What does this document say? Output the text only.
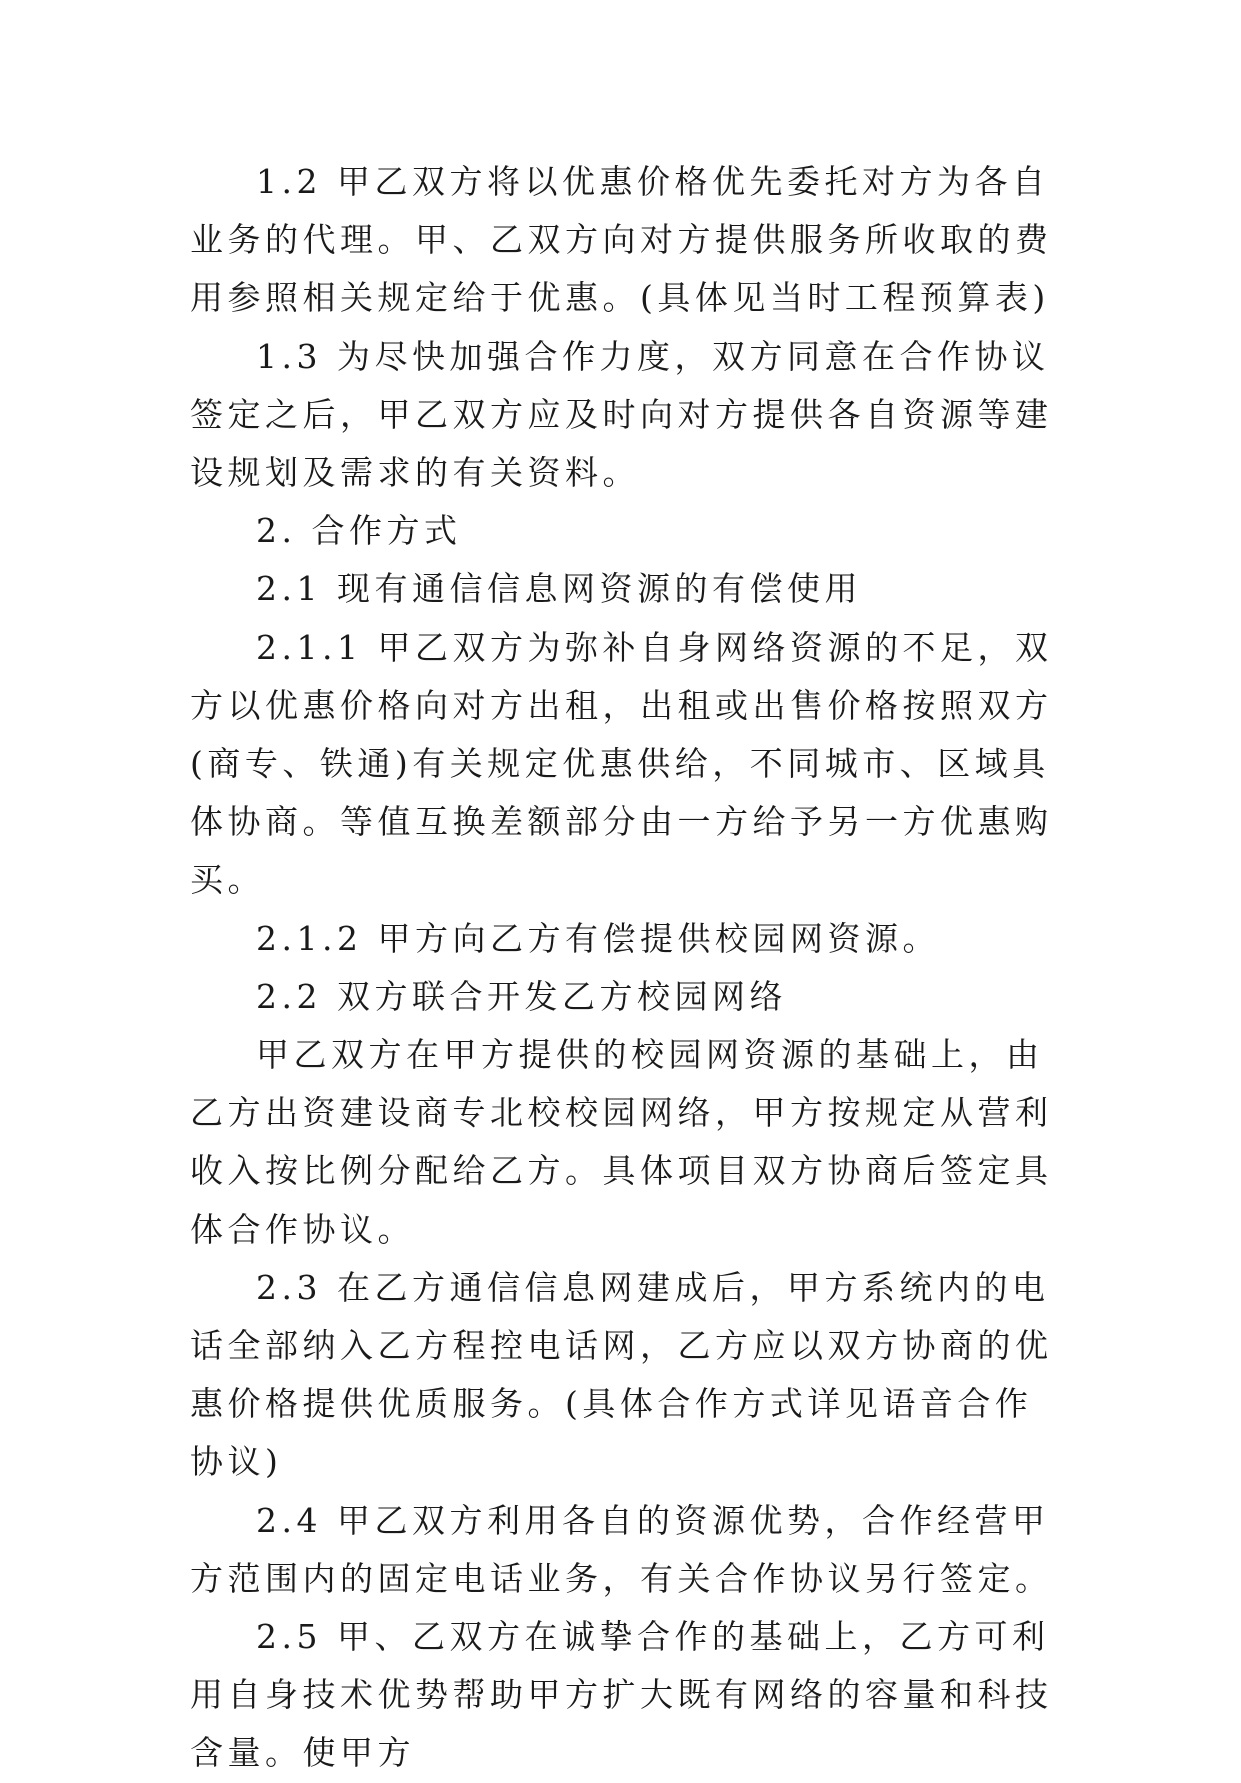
1.2 甲乙双方将以优惠价格优先委托对方为各自业务的代理。甲、乙双方向对方提供服务所收取的费用参照相关规定给于优惠。(具体见当时工程预算表)

1.3 为尽快加强合作力度，双方同意在合作协议签定之后，甲乙双方应及时向对方提供各自资源等建设规划及需求的有关资料。

2. 合作方式

2.1 现有通信信息网资源的有偿使用

2.1.1 甲乙双方为弥补自身网络资源的不足，双方以优惠价格向对方出租，出租或出售价格按照双方(商专、铁通)有关规定优惠供给，不同城市、区域具体协商。等值互换差额部分由一方给予另一方优惠购买。

2.1.2 甲方向乙方有偿提供校园网资源。

2.2 双方联合开发乙方校园网络

甲乙双方在甲方提供的校园网资源的基础上，由乙方出资建设商专北校校园网络，甲方按规定从营利收入按比例分配给乙方。具体项目双方协商后签定具体合作协议。

2.3 在乙方通信信息网建成后，甲方系统内的电话全部纳入乙方程控电话网，乙方应以双方协商的优惠价格提供优质服务。(具体合作方式详见语音合作协议)

2.4 甲乙双方利用各自的资源优势，合作经营甲方范围内的固定电话业务，有关合作协议另行签定。

2.5 甲、乙双方在诚挚合作的基础上，乙方可利用自身技术优势帮助甲方扩大既有网络的容量和科技含量。使甲方
